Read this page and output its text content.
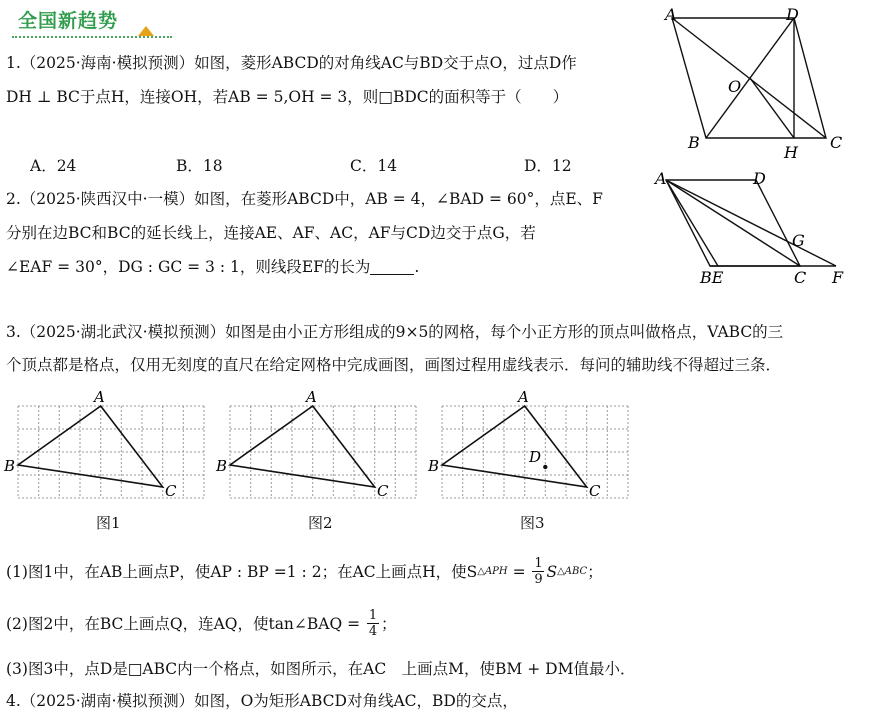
全国新趋势
1.（2025·海南·模拟预测）如图，菱形ABCD的对角线AC与BD交于点O，过点D作
DH ⊥ BC于点H，连接OH，若AB = 5,OH = 3，则□BDC的面积等于（　　）
A．24	B．18	C．14	D．12
A	D
O
B
H
C
2.（2025·陕西汉中·一模）如图，在菱形ABCD中，AB = 4，∠BAD = 60°，点E、F
分别在边BC和BC的延长线上，连接AE、AF、AC，AF与CD边交于点G，若
∠EAF = 30°，DG : GC = 3 : 1，则线段EF的长为	.
A	D
G
BE	C F
3.（2025·湖北武汉·模拟预测）如图是由小正方形组成的9×5的网格，每个小正方形的顶点叫做格点，VABC的三
个顶点都是格点，仅用无刻度的直尺在给定网格中完成画图，画图过程用虚线表示．每问的辅助线不得超过三条．
A
B
C
图1
A
B
C
图2
A
B
C
D
图3
(1)图1中，在AB上画点P，使AP : BP =1 : 2；在AC上画点H，使S △APH = 1
9 S △ABC ；
(2)图2中，在BC上画点Q，连AQ，使tan∠BAQ = 1
4 ；
(3)图3中，点D是□ABC内一个格点，如图所示，在AC　上画点M，使BM + DM值最小．
4.（2025·湖南·模拟预测）如图，O为矩形ABCD对角线AC，BD的交点，
